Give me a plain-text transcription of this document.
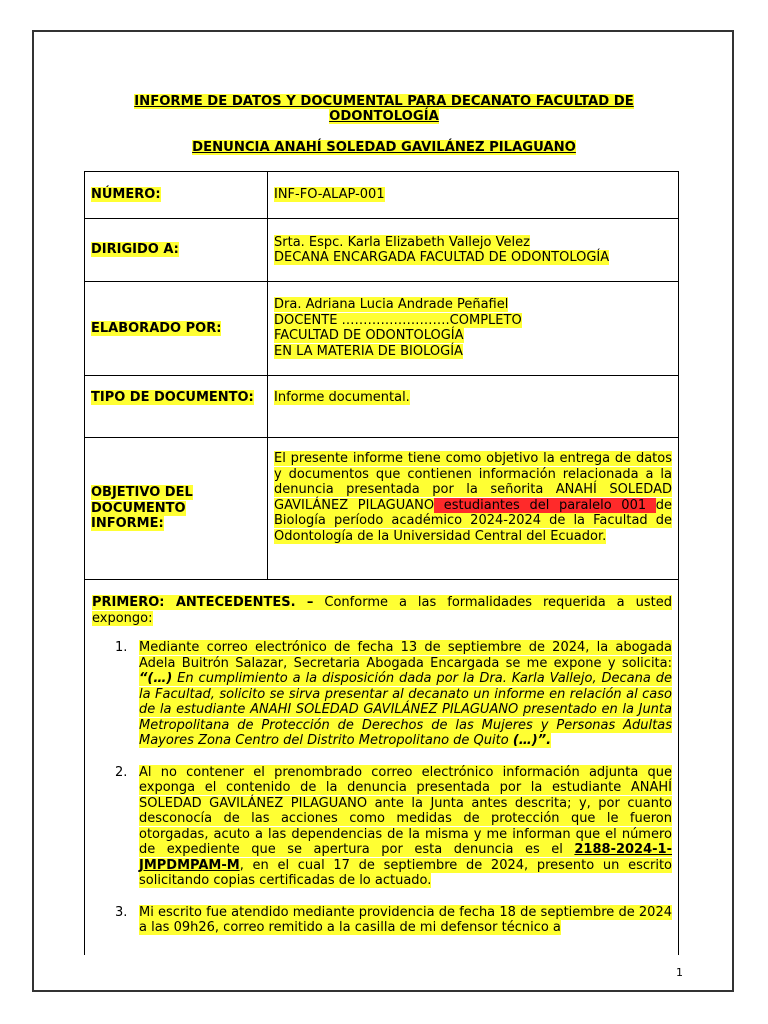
INFORME DE DATOS Y DOCUMENTAL PARA DECANATO FACULTAD DE
ODONTOLOGÍA
DENUNCIA ANAHÍ SOLEDAD GAVILÁNEZ PILAGUANO
NÚMERO:	INF-FO-ALAP-001
DIRIGIDO A:	Srta. Espc. Karla Elizabeth Vallejo Velez
DECANA ENCARGADA FACULTAD DE ODONTOLOGÍA
ELABORADO POR:	Dra. Adriana Lucia Andrade Peñafiel
DOCENTE …………………….COMPLETO
FACULTAD DE ODONTOLOGÍA
EN LA MATERIA DE BIOLOGÍA
TIPO DE DOCUMENTO:	Informe documental.
OBJETIVO DEL DOCUMENTO INFORME:	El presente informe tiene como objetivo la entrega de datos y documentos que contienen información relacionada a la denuncia presentada por la señorita ANAHÍ SOLEDAD GAVILÁNEZ PILAGUANO estudiantes del paralelo 001 de Biología período académico 2024-2024 de la Facultad de Odontología de la Universidad Central del Ecuador.
PRIMERO: ANTECEDENTES. – Conforme a las formalidades requerida a usted expongo:
1. Mediante correo electrónico de fecha 13 de septiembre de 2024, la abogada Adela Buitrón Salazar, Secretaria Abogada Encargada se me expone y solicita: “(…) En cumplimiento a la disposición dada por la Dra. Karla Vallejo, Decana de la Facultad, solicito se sirva presentar al decanato un informe en relación al caso de la estudiante ANAHI SOLEDAD GAVILÁNEZ PILAGUANO presentado en la Junta Metropolitana de Protección de Derechos de las Mujeres y Personas Adultas Mayores Zona Centro del Distrito Metropolitano de Quito (…)”.
2. Al no contener el prenombrado correo electrónico información adjunta que exponga el contenido de la denuncia presentada por la estudiante ANAHÍ SOLEDAD GAVILÁNEZ PILAGUANO ante la Junta antes descrita; y, por cuanto desconocía de las acciones como medidas de protección que le fueron otorgadas, acuto a las dependencias de la misma y me informan que el número de expediente que se apertura por esta denuncia es el 2188-2024-1-JMPDMPAM-M, en el cual 17 de septiembre de 2024, presento un escrito solicitando copias certificadas de lo actuado.
3. Mi escrito fue atendido mediante providencia de fecha 18 de septiembre de 2024 a las 09h26, correo remitido a la casilla de mi defensor técnico a
1
